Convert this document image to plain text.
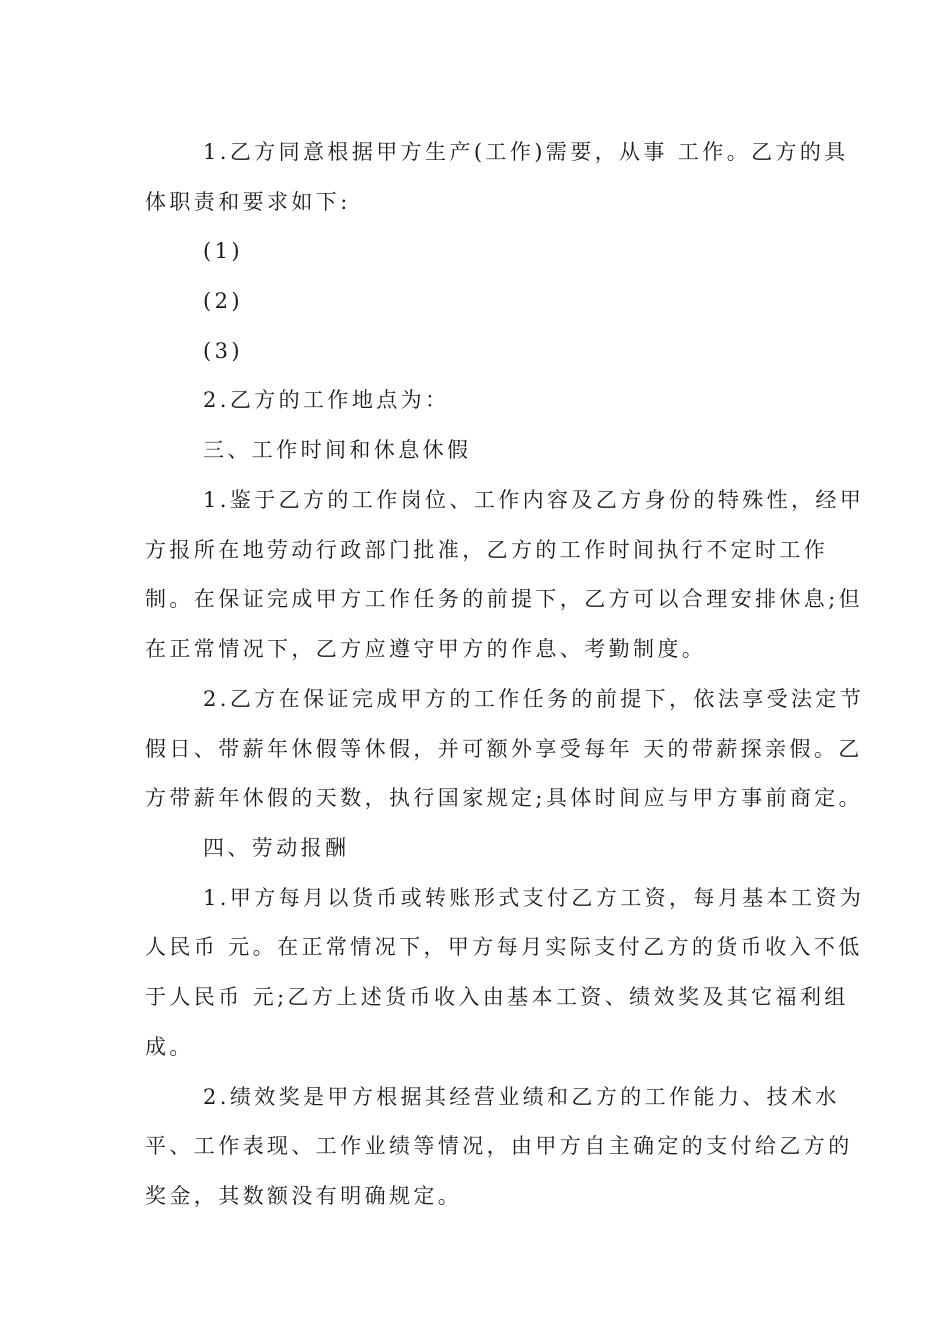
1.乙方同意根据甲方生产(工作)需要，从事 工作。乙方的具
体职责和要求如下:
(1)
(2)
(3)
2.乙方的工作地点为：
三、工作时间和休息休假
1.鉴于乙方的工作岗位、工作内容及乙方身份的特殊性，经甲
方报所在地劳动行政部门批准，乙方的工作时间执行不定时工作
制。在保证完成甲方工作任务的前提下，乙方可以合理安排休息;但
在正常情况下，乙方应遵守甲方的作息、考勤制度。
2.乙方在保证完成甲方的工作任务的前提下，依法享受法定节
假日、带薪年休假等休假，并可额外享受每年 天的带薪探亲假。乙
方带薪年休假的天数，执行国家规定;具体时间应与甲方事前商定。
四、劳动报酬
1.甲方每月以货币或转账形式支付乙方工资，每月基本工资为
人民币 元。在正常情况下，甲方每月实际支付乙方的货币收入不低
于人民币 元;乙方上述货币收入由基本工资、绩效奖及其它福利组
成。
2.绩效奖是甲方根据其经营业绩和乙方的工作能力、技术水
平、工作表现、工作业绩等情况，由甲方自主确定的支付给乙方的
奖金，其数额没有明确规定。
